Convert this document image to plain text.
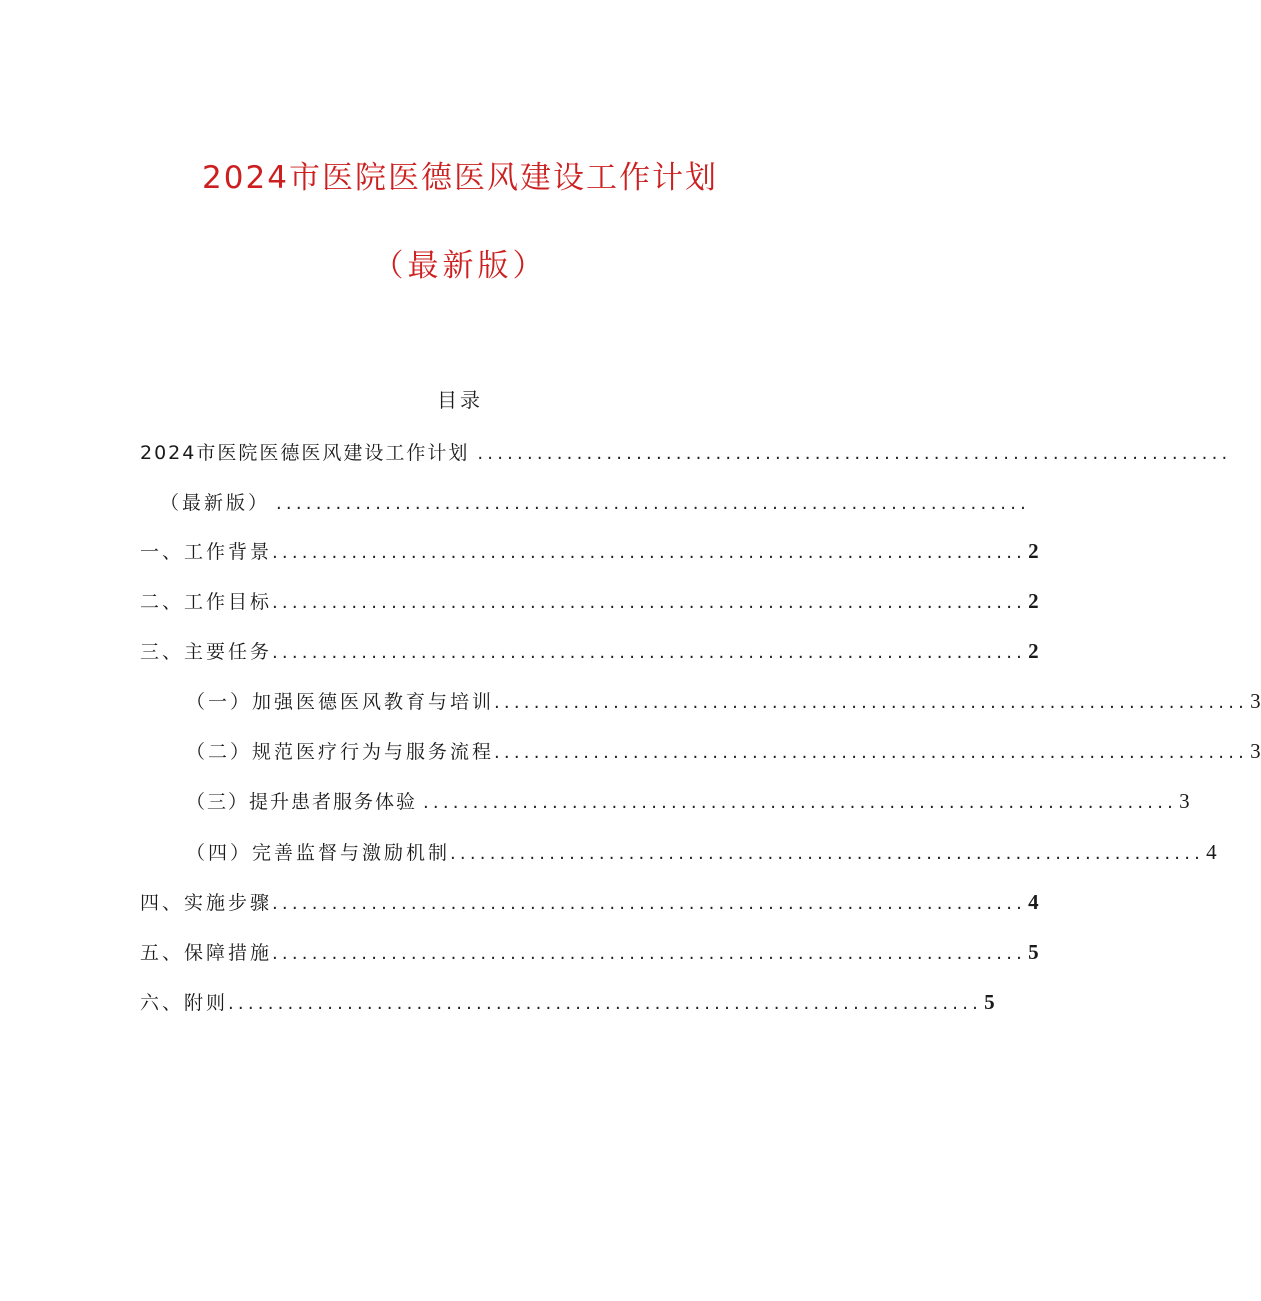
2024市医院医德医风建设工作计划
（最新版）
目录
2024市医院医德医风建设工作计划 ............................................................................
（最新版） ............................................................................
一、工作背景 ............................................................................ 2
二、工作目标 ............................................................................ 2
三、主要任务 ............................................................................ 2
（一）加强医德医风教育与培训 ............................................................................ 3
（二）规范医疗行为与服务流程 ............................................................................ 3
（三）提升患者服务体验 ............................................................................ 3
（四）完善监督与激励机制 ............................................................................ 4
四、实施步骤 ............................................................................ 4
五、保障措施 ............................................................................ 5
六、附则 ............................................................................ 5
